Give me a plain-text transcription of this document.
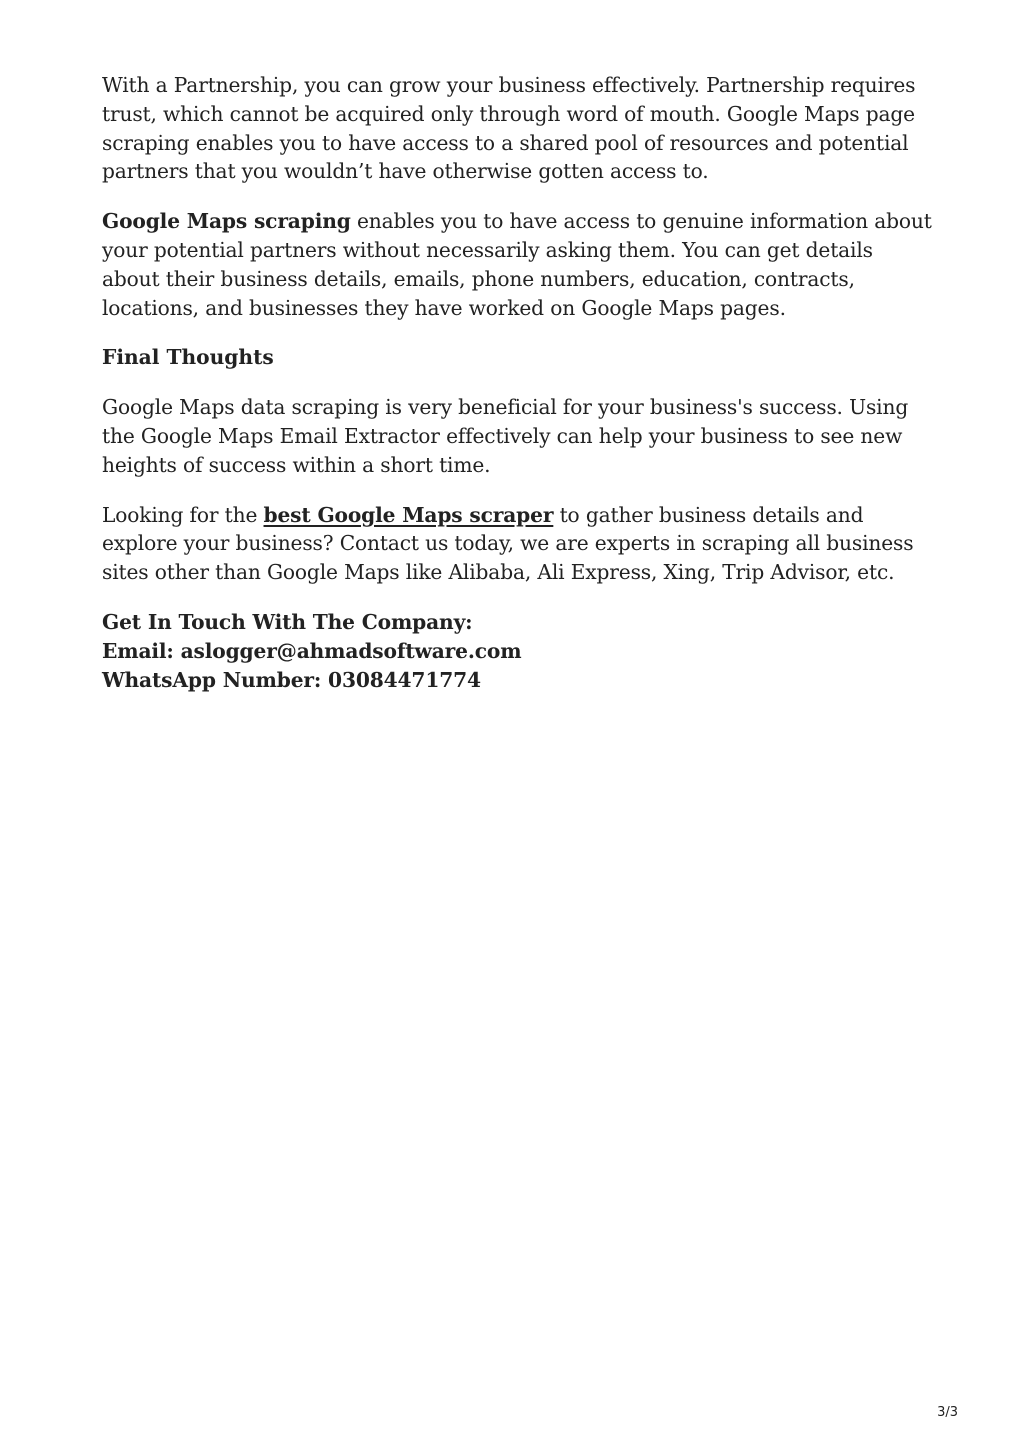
With a Partnership, you can grow your business effectively. Partnership requires trust, which cannot be acquired only through word of mouth. Google Maps page scraping enables you to have access to a shared pool of resources and potential partners that you wouldn’t have otherwise gotten access to.

Google Maps scraping enables you to have access to genuine information about your potential partners without necessarily asking them. You can get details about their business details, emails, phone numbers, education, contracts, locations, and businesses they have worked on Google Maps pages.

Final Thoughts

Google Maps data scraping is very beneficial for your business's success. Using the Google Maps Email Extractor effectively can help your business to see new heights of success within a short time.

Looking for the best Google Maps scraper to gather business details and explore your business? Contact us today, we are experts in scraping all business sites other than Google Maps like Alibaba, Ali Express, Xing, Trip Advisor, etc.

Get In Touch With The Company:

Email: aslogger@ahmadsoftware.com

WhatsApp Number: 03084471774

3/3
